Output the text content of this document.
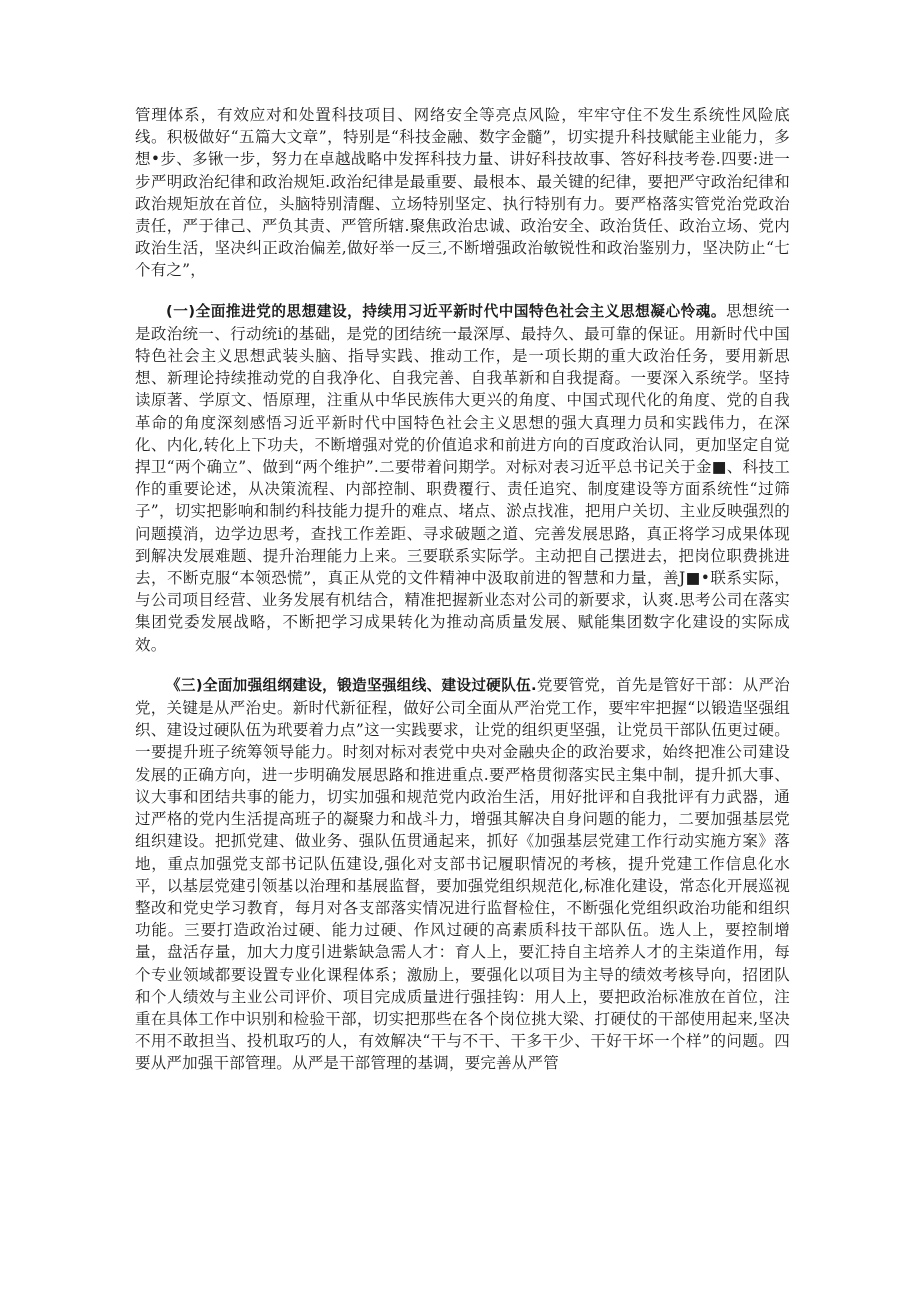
管理体系，有效应对和处置科技项目、网络安全等亮点风险，牢牢守住不发生系统性风险底线。积极做好“五篇大文章”，特别是“科技金融、数字金髓”，切实提升科技赋能主业能力，多想•步、多锹一步，努力在卓越战略中发挥科技力量、讲好科技故事、答好科技考卷.四要:进一步严明政治纪律和政治规矩.政治纪律是最重要、最根本、最关键的纪律，要把严守政治纪律和政治规矩放在首位，头脑特别清醒、立场特别坚定、执行特别有力。要严格落实管党治党政治责任，严于律己、严负其责、严管所辖.聚焦政治忠诚、政治安全、政治货任、政治立场、党内政治生活，坚决纠正政治偏差,做好举一反三,不断增强政治敏锐性和政治鉴别力，坚决防止“七个有之”，

(一)全面推进党的思想建设，持续用习近平新时代中国特色社会主义思想凝心怜魂。思想统一是政治统一、行动统i的基础，是党的团结统一最深厚、最持久、最可靠的保证。用新时代中国特色社会主义思想武装头脑、指导实践、推动工作，是一项长期的重大政治任务，要用新思想、新理论持续推动党的自我净化、自我完善、自我革新和自我提裔。一要深入系统学。坚持读原著、学原文、悟原理，注重从中华民族伟大更兴的角度、中国式现代化的角度、党的自我革命的角度深刻感悟习近平新时代中国特色社会主义思想的强大真理力员和实践伟力，在深化、内化,转化上下功夫，不断增强对党的价值追求和前进方向的百度政治认同，更加坚定自觉捍卫“两个确立”、做到“两个维护”.二要带着问期学。对标对表习近平总书记关于金■、科技工作的重要论述，从决策流程、内部控制、职费覆行、责任追究、制度建设等方面系统性“过筛子”，切实把影响和制约科技能力提升的难点、堵点、淤点找准，把用户关切、主业反映强烈的问题摸消，边学边思考，查找工作差距、寻求破题之道、完善发展思路，真正将学习成果体现到解决发展难题、提升治理能力上来。三要联系实际学。主动把自己摆进去，把岗位职费挑进去，不断克服“本领恐慌”，真正从党的文件精神中汲取前进的智慧和力量，善J■•联系实际，与公司项目经营、业务发展有机结合，精准把握新业态对公司的新要求，认爽.思考公司在落实集团党委发展战略，不断把学习成果转化为推动高质量发展、赋能集团数字化建设的实际成效。

《三)全面加强组纲建设，锻造坚强组线、建设过硬队伍.党要管党，首先是管好干部：从严治党，关键是从严治史。新时代新征程，做好公司全面从严治党工作，要牢牢把握“以锻造坚强组织、建设过硬队伍为玳要着力点”这一实践要求，让党的组织更坚强，让党员干部队伍更过硬。一要提升班子统筹领导能力。时刻对标对表党中央对金融央企的政治要求，始终把准公司建设发展的正确方向，进一步明确发展思路和推进重点.要严格贯彻落实民主集中制，提升抓大事、议大事和团结共事的能力，切实加强和规范党内政治生活，用好批评和自我批评有力武器，通过严格的党内生活提高班子的凝聚力和战斗力，增强其解决自身问题的能力，二要加强基层党组织建设。把抓党建、做业务、强队伍贯通起来，抓好《加强基层党建工作行动实施方案》落地，重点加强党支部书记队伍建设,强化对支部书记履职情况的考核，提升党建工作信息化水平，以基层党建引领基以治理和基展监督，要加强党组织规范化,标准化建设，常态化开展巡视整改和党史学习教育，每月对各支部落实情况进行监督检住，不断强化党组织政治功能和组织功能。三要打造政治过硬、能力过硬、作风过硬的高素质科技干部队伍。选人上，要控制增量，盘活存量，加大力度引进紫缺急需人才：育人上，要汇持自主培养人才的主柒道作用，每个专业领域都要设置专业化课程体系；激励上，要强化以项目为主导的绩效考核导向，招团队和个人绩效与主业公司评价、项目完成质量进行强挂钩：用人上，要把政治标准放在首位，注重在具体工作中识别和检验干部，切实把那些在各个岗位挑大梁、打硬仗的干部使用起来,坚决不用不敢担当、投机取巧的人，有效解决“干与不干、干多干少、干好干坏一个样”的问题。四要从严加强干部管理。从严是干部管理的基调，要完善从严管
